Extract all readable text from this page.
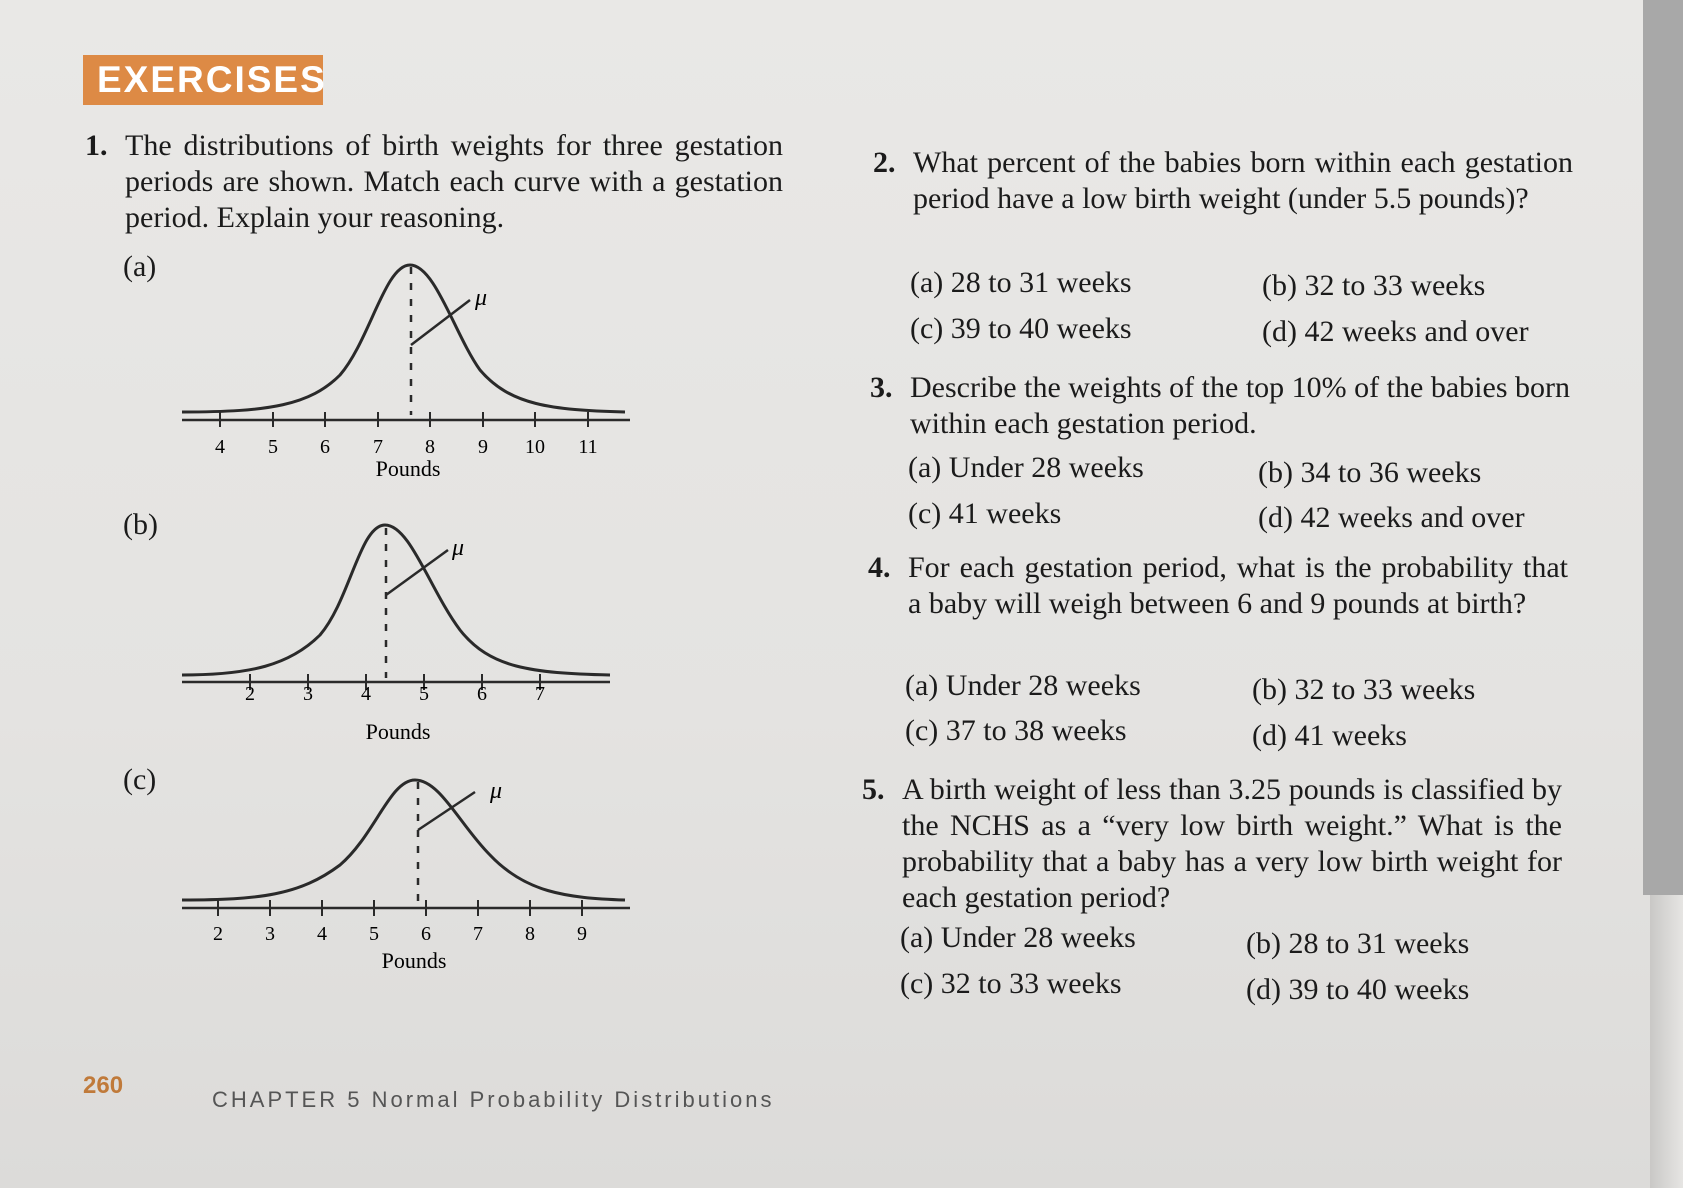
EXERCISES
1. The distributions of birth weights for three gestation periods are shown. Match each curve with a gestation period. Explain your reasoning.
(a)
μ
4 5 6 7 8 9 10 11
Pounds
(b)
μ
2 3 4 5 6 7
Pounds
(c)	μ
2 3 4 5 6 7 8 9
Pounds
2. What percent of the babies born within each gestation period have a low birth weight (under 5.5 pounds)?
(a) 28 to 31 weeks	(b) 32 to 33 weeks
(c) 39 to 40 weeks	(d) 42 weeks and over
3. Describe the weights of the top 10% of the babies born within each gestation period.
(a) Under 28 weeks	(b) 34 to 36 weeks
(c) 41 weeks	(d) 42 weeks and over
4. For each gestation period, what is the probability that a baby will weigh between 6 and 9 pounds at birth?
(a) Under 28 weeks	(b) 32 to 33 weeks
(c) 37 to 38 weeks	(d) 41 weeks
5. A birth weight of less than 3.25 pounds is classified by the NCHS as a “very low birth weight.” What is the probability that a baby has a very low birth weight for each gestation period?
(a) Under 28 weeks	(b) 28 to 31 weeks
(c) 32 to 33 weeks	(d) 39 to 40 weeks
260
